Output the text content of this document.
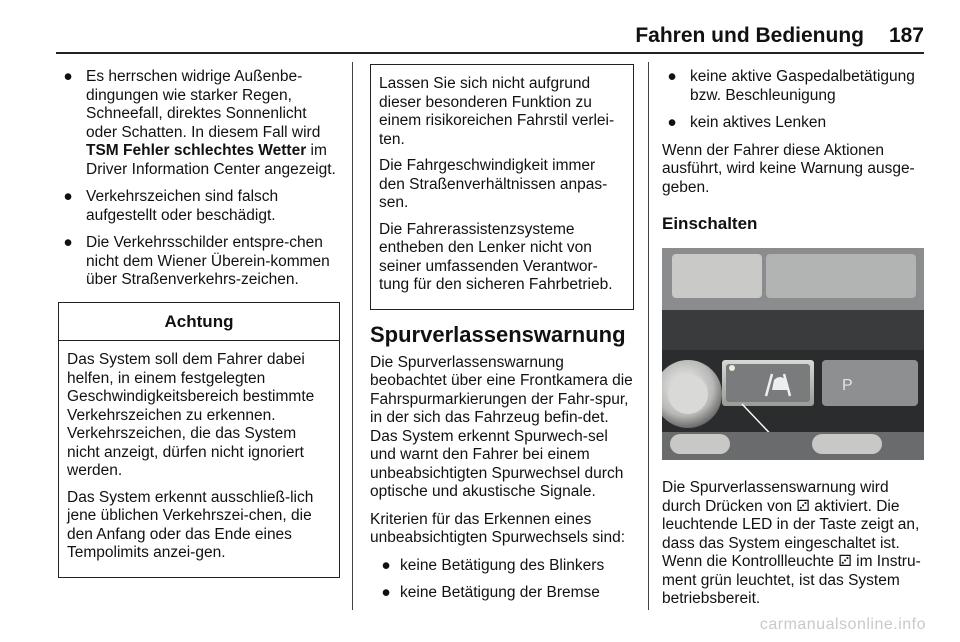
Fahren und Bedienung 187
● Es herrschen widrige Außenbe-dingungen wie starker Regen, Schneefall, direktes Sonnenlicht oder Schatten. In diesem Fall wird TSM Fehler schlechtes Wetter im Driver Information Center angezeigt.
● Verkehrszeichen sind falsch aufgestellt oder beschädigt.
● Die Verkehrsschilder entspre-chen nicht dem Wiener Überein-kommen über Straßenverkehrs-zeichen.
Achtung

Das System soll dem Fahrer dabei helfen, in einem festgelegten Geschwindigkeitsbereich bestimmte Verkehrszeichen zu erkennen. Verkehrszeichen, die das System nicht anzeigt, dürfen nicht ignoriert werden.

Das System erkennt ausschließ-lich jene üblichen Verkehrszei-chen, die den Anfang oder das Ende eines Tempolimits anzei-gen.

Lassen Sie sich nicht aufgrund dieser besonderen Funktion zu einem risikoreichen Fahrstil verlei-ten.

Die Fahrgeschwindigkeit immer den Straßenverhältnissen anpas-sen.

Die Fahrerassistenzsysteme entheben den Lenker nicht von seiner umfassenden Verantwor-tung für den sicheren Fahrbetrieb.

Spurverlassenswarnung

Die Spurverlassenswarnung beobachtet über eine Frontkamera die Fahrspurmarkierungen der Fahr-spur, in der sich das Fahrzeug befin-det. Das System erkennt Spurwech-sel und warnt den Fahrer bei einem unbeabsichtigten Spurwechsel durch optische und akustische Signale.

Kriterien für das Erkennen eines unbeabsichtigten Spurwechsels sind:

● keine Betätigung des Blinkers
● keine Betätigung der Bremse
● keine aktive Gaspedalbetätigung bzw. Beschleunigung
● kein aktives Lenken

Wenn der Fahrer diese Aktionen ausführt, wird keine Warnung ausge-geben.

Einschalten
P

Die Spurverlassenswarnung wird durch Drücken von ⚂ aktiviert. Die leuchtende LED in der Taste zeigt an, dass das System eingeschaltet ist. Wenn die Kontrollleuchte ⚂ im Instru-ment grün leuchtet, ist das System betriebsbereit.

carmanualsonline.info
